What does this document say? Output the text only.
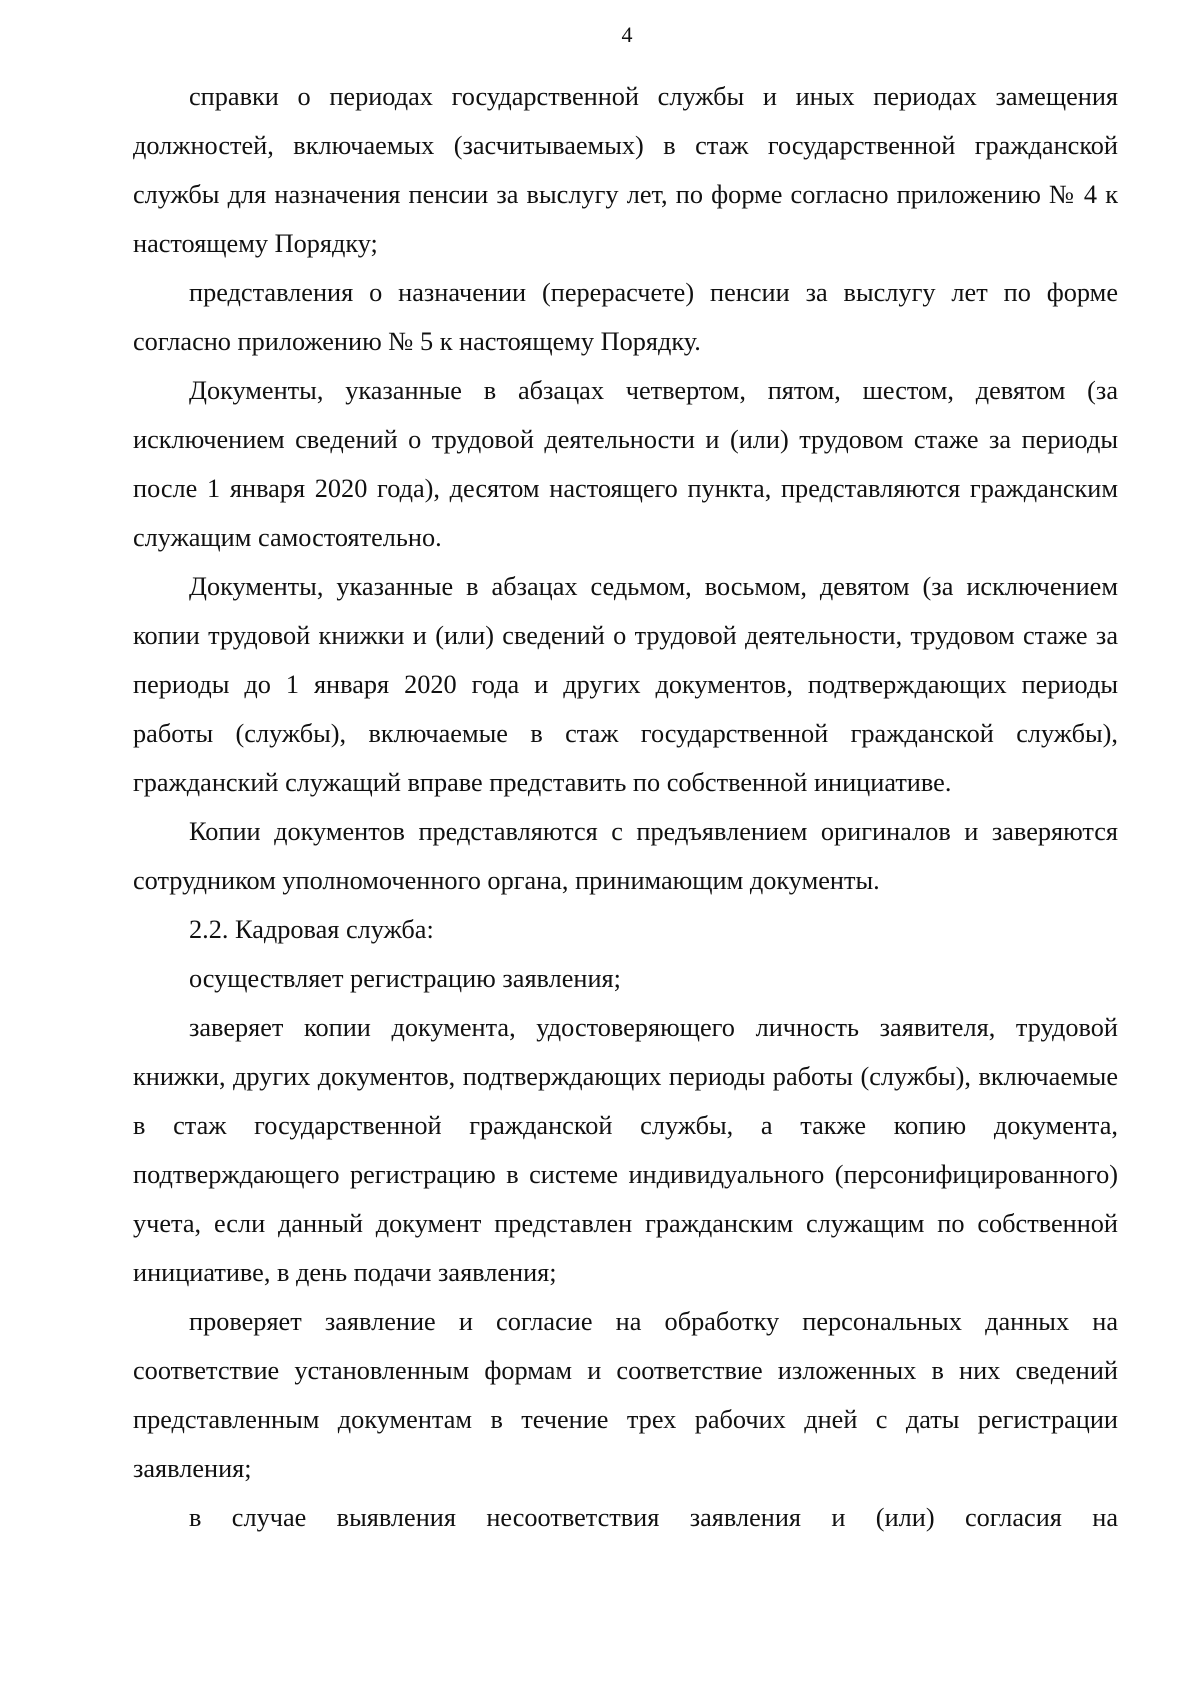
4

справки о периодах государственной службы и иных периодах замещения должностей, включаемых (засчитываемых) в стаж государственной гражданской службы для назначения пенсии за выслугу лет, по форме согласно приложению № 4 к настоящему Порядку;

представления о назначении (перерасчете) пенсии за выслугу лет по форме согласно приложению № 5 к настоящему Порядку.

Документы, указанные в абзацах четвертом, пятом, шестом, девятом (за исключением сведений о трудовой деятельности и (или) трудовом стаже за периоды после 1 января 2020 года), десятом настоящего пункта, представляются гражданским служащим самостоятельно.

Документы, указанные в абзацах седьмом, восьмом, девятом (за исключением копии трудовой книжки и (или) сведений о трудовой деятельности, трудовом стаже за периоды до 1 января 2020 года и других документов, подтверждающих периоды работы (службы), включаемые в стаж государственной гражданской службы), гражданский служащий вправе представить по собственной инициативе.

Копии документов представляются с предъявлением оригиналов и заверяются сотрудником уполномоченного органа, принимающим документы.

2.2. Кадровая служба:

осуществляет регистрацию заявления;

заверяет копии документа, удостоверяющего личность заявителя, трудовой книжки, других документов, подтверждающих периоды работы (службы), включаемые в стаж государственной гражданской службы, а также копию документа, подтверждающего регистрацию в системе индивидуального (персонифицированного) учета, если данный документ представлен гражданским служащим по собственной инициативе, в день подачи заявления;

проверяет заявление и согласие на обработку персональных данных на соответствие установленным формам и соответствие изложенных в них сведений представленным документам в течение трех рабочих дней с даты регистрации заявления;

в случае выявления несоответствия заявления и (или) согласия на
